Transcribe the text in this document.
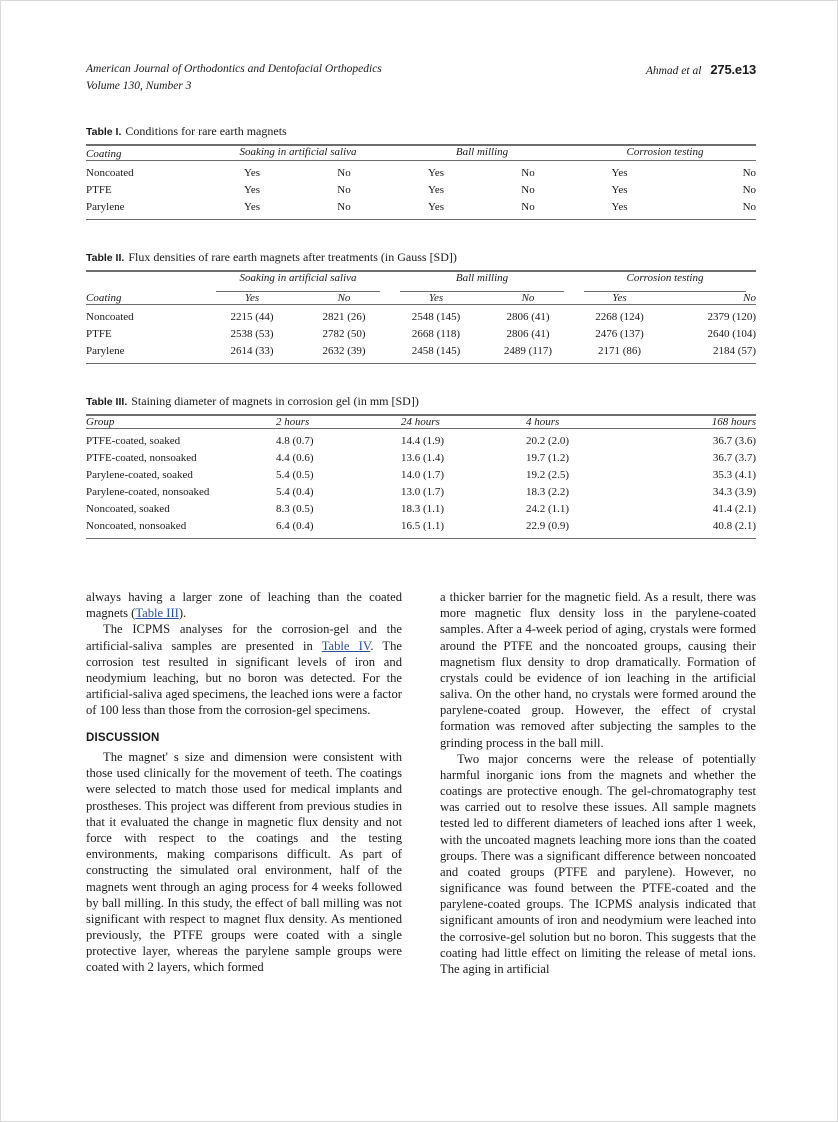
American Journal of Orthodontics and Dentofacial Orthopedics
Volume 130, Number 3
Ahmad et al 275.e13
Table I. Conditions for rare earth magnets
Coating	Soaking in artificial saliva		Ball milling		Corrosion testing	
Noncoated	Yes	No	Yes	No	Yes	No
PTFE	Yes	No	Yes	No	Yes	No
Parylene	Yes	No	Yes	No	Yes	No

Table II. Flux densities of rare earth magnets after treatments (in Gauss [SD])

	Soaking in artificial saliva		Ball milling		Corrosion testing	

Coating	Yes	No	Yes	No	Yes	No
Noncoated	2215 (44)	2821 (26)	2548 (145)	2806 (41)	2268 (124)	2379 (120)
PTFE	2538 (53)	2782 (50)	2668 (118)	2806 (41)	2476 (137)	2640 (104)
Parylene	2614 (33)	2632 (39)	2458 (145)	2489 (117)	2171 (86)	2184 (57)

Table III. Staining diameter of magnets in corrosion gel (in mm [SD])
Group	2 hours	24 hours	4 hours	168 hours
PTFE-coated, soaked	4.8 (0.7)	14.4 (1.9)	20.2 (2.0)	36.7 (3.6)
PTFE-coated, nonsoaked	4.4 (0.6)	13.6 (1.4)	19.7 (1.2)	36.7 (3.7)
Parylene-coated, soaked	5.4 (0.5)	14.0 (1.7)	19.2 (2.5)	35.3 (4.1)
Parylene-coated, nonsoaked	5.4 (0.4)	13.0 (1.7)	18.3 (2.2)	34.3 (3.9)
Noncoated, soaked	8.3 (0.5)	18.3 (1.1)	24.2 (1.1)	41.4 (2.1)
Noncoated, nonsoaked	6.4 (0.4)	16.5 (1.1)	22.9 (0.9)	40.8 (2.1)

always having a larger zone of leaching than the coated magnets (Table III).

The ICPMS analyses for the corrosion-gel and the artificial-saliva samples are presented in Table IV. The corrosion test resulted in significant levels of iron and neodymium leaching, but no boron was detected. For the artificial-saliva aged specimens, the leached ions were a factor of 100 less than those from the corrosion-gel specimens.

DISCUSSION

The magnet' s size and dimension were consistent with those used clinically for the movement of teeth. The coatings were selected to match those used for medical implants and prostheses. This project was different from previous studies in that it evaluated the change in magnetic flux density and not force with respect to the coatings and the testing environments, making comparisons difficult. As part of constructing the simulated oral environment, half of the magnets went through an aging process for 4 weeks followed by ball milling. In this study, the effect of ball milling was not significant with respect to magnet flux density. As mentioned previously, the PTFE groups were coated with a single protective layer, whereas the parylene sample groups were coated with 2 layers, which formed

a thicker barrier for the magnetic field. As a result, there was more magnetic flux density loss in the parylene-coated samples. After a 4-week period of aging, crystals were formed around the PTFE and the noncoated groups, causing their magnetism flux density to drop dramatically. Formation of crystals could be evidence of ion leaching in the artificial saliva. On the other hand, no crystals were formed around the parylene-coated group. However, the effect of crystal formation was removed after subjecting the samples to the grinding process in the ball mill.

Two major concerns were the release of potentially harmful inorganic ions from the magnets and whether the coatings are protective enough. The gel-chromatography test was carried out to resolve these issues. All sample magnets tested led to different diameters of leached ions after 1 week, with the uncoated magnets leaching more ions than the coated groups. There was a significant difference between noncoated and coated groups (PTFE and parylene). However, no significance was found between the PTFE-coated and the parylene-coated groups. The ICPMS analysis indicated that significant amounts of iron and neodymium were leached into the corrosive-gel solution but no boron. This suggests that the coating had little effect on limiting the release of metal ions. The aging in artificial
